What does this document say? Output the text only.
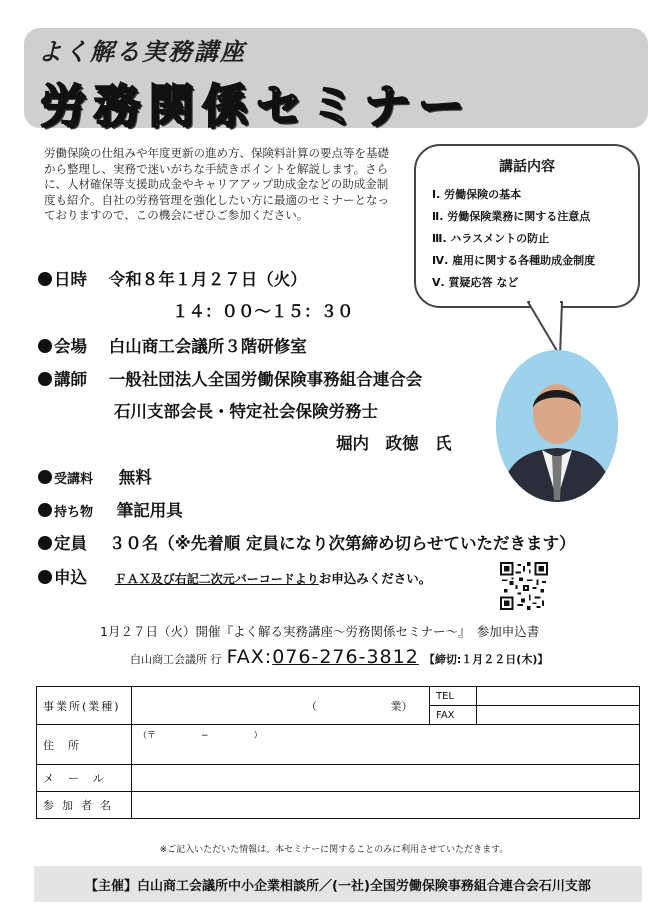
よく解る実務講座
労務関係セミナー
労働保険の仕組みや年度更新の進め方、保険料計算の要点等を基礎から整理し、実務で迷いがちな手続きポイントを解説します。さらに、人材確保等支援助成金やキャリアアップ助成金などの助成金制度も紹介。自社の労務管理を強化したい方に最適のセミナーとなっておりますので、この機会にぜひご参加ください。
講話内容
Ⅰ. 労働保険の基本
Ⅱ. 労働保険業務に関する注意点
Ⅲ. ハラスメントの防止
Ⅳ. 雇用に関する各種助成金制度
Ⅴ. 質疑応答 など
日時 令和８年１月２７日（火）
１４：００〜１５：３０
会場 白山商工会議所３階研修室
講師 一般社団法人全国労働保険事務組合連合会
石川支部会長・特定社会保険労務士
堀内　政徳　氏
受講料 無料
持ち物 筆記用具
定員 ３０名（※先着順 定員になり次第締め切らせていただきます）
申込 ＦＡＸ及び右記二次元バーコードよりお申込みください。
1月２７日（火）開催『よく解る実務講座〜労務関係セミナー〜』　参加申込書
白山商工会議所 行 FAX:076-276-3812 【締切:１月２２日(木)】
事業所(業種)	（ 業）	TEL	
		FAX	
住所	（〒　　　　　−　　　　　）		
メール			
参加者名			
※ご記入いただいた情報は、本セミナーに関することのみに利用させていただきます。
【主催】白山商工会議所中小企業相談所／(一社)全国労働保険事務組合連合会石川支部
